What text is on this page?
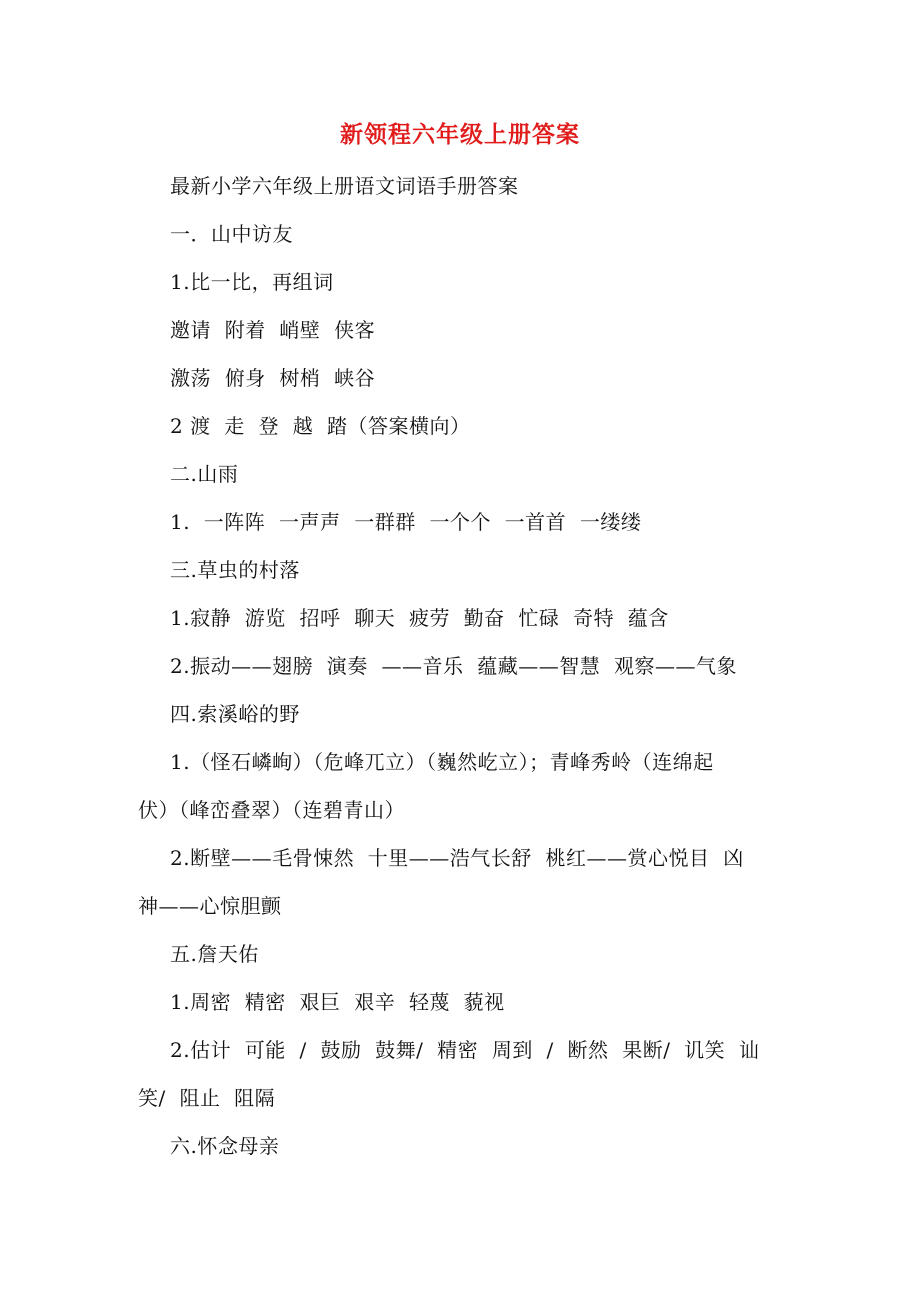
新领程六年级上册答案
最新小学六年级上册语文词语手册答案
一．山中访友
1.比一比，再组词
邀请  附着  峭壁  侠客
激荡  俯身  树梢  峡谷
2 渡  走  登  越  踏（答案横向）
二.山雨
1.  一阵阵  一声声  一群群  一个个  一首首  一缕缕
三.草虫的村落
1.寂静  游览  招呼  聊天  疲劳  勤奋  忙碌  奇特  蕴含
2.振动——翅膀  演奏  ——音乐  蕴藏——智慧  观察——气象
四.索溪峪的野
1.（怪石嶙峋）（危峰兀立）（巍然屹立）；青峰秀岭（连绵起
伏）（峰峦叠翠）（连碧青山）
2.断壁——毛骨悚然  十里——浩气长舒  桃红——赏心悦目  凶
神——心惊胆颤
五.詹天佑
1.周密  精密  艰巨  艰辛  轻蔑  藐视
2.估计  可能  /  鼓励  鼓舞/  精密  周到  /  断然  果断/  讥笑  讪
笑/  阻止  阻隔
六.怀念母亲
